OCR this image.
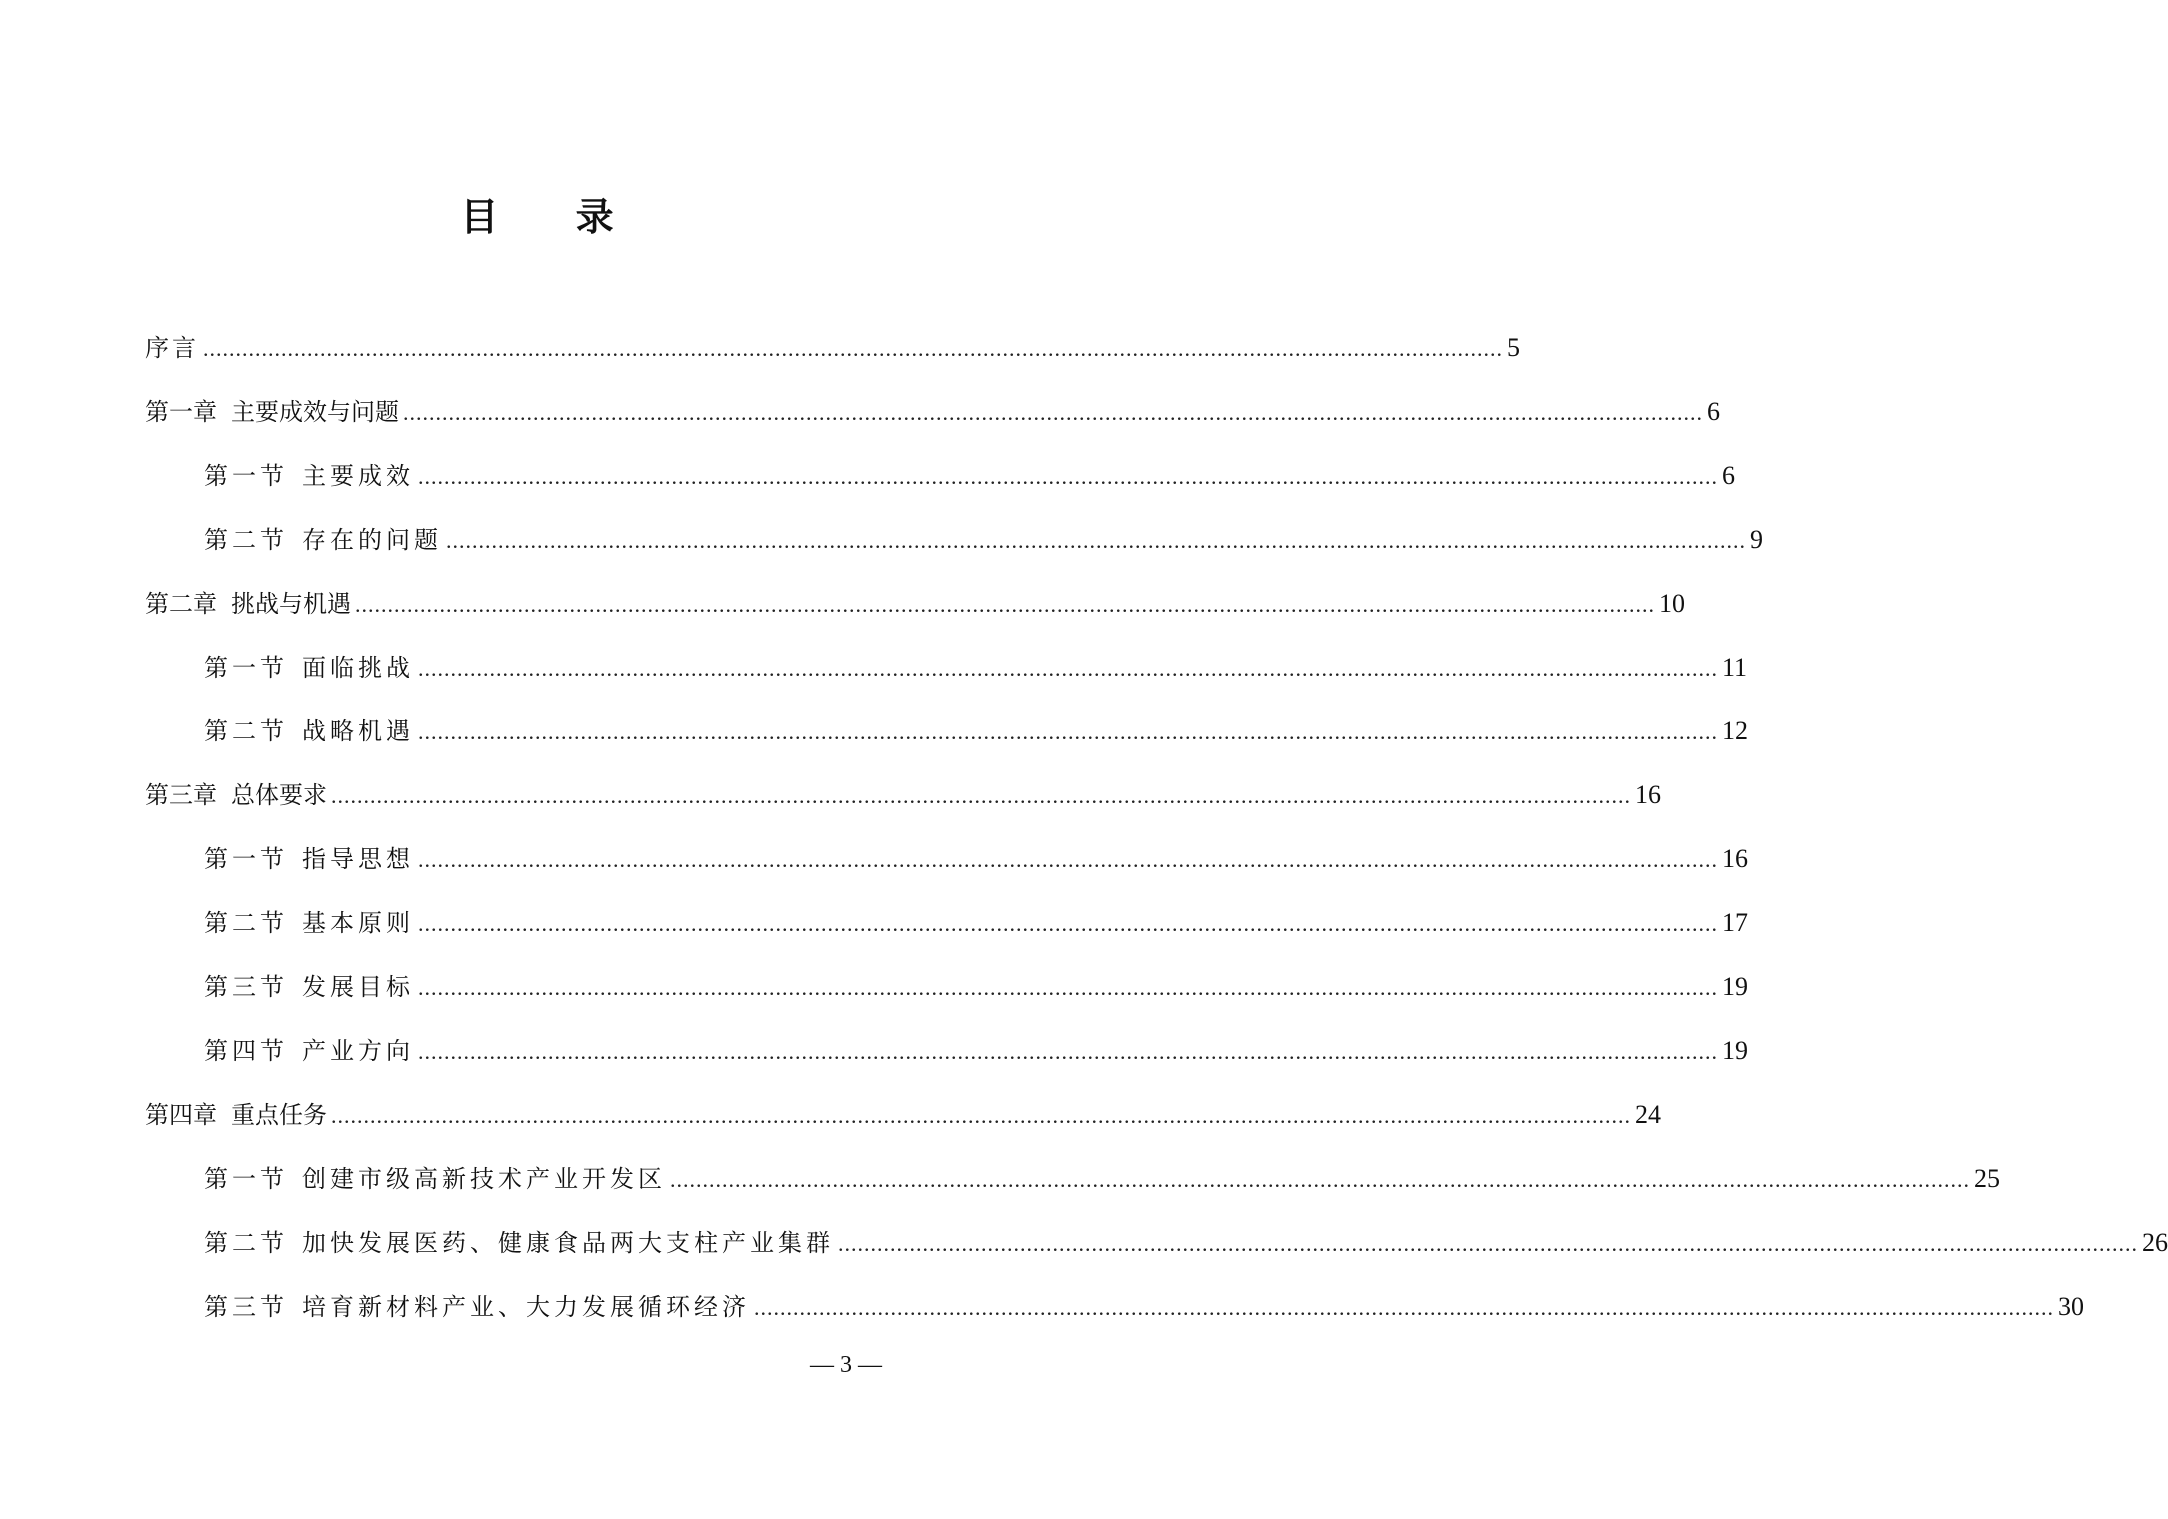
目 录
序言 ........................................................................................................................................................................................................ 5
第一章 主要成效与问题 ........................................................................................................................................................................................................ 6
第一节 主要成效 ........................................................................................................................................................................................................ 6
第二节 存在的问题 ........................................................................................................................................................................................................ 9
第二章 挑战与机遇 ........................................................................................................................................................................................................ 10
第一节 面临挑战 ........................................................................................................................................................................................................ 11
第二节 战略机遇 ........................................................................................................................................................................................................ 12
第三章 总体要求 ........................................................................................................................................................................................................ 16
第一节 指导思想 ........................................................................................................................................................................................................ 16
第二节 基本原则 ........................................................................................................................................................................................................ 17
第三节 发展目标 ........................................................................................................................................................................................................ 19
第四节 产业方向 ........................................................................................................................................................................................................ 19
第四章 重点任务 ........................................................................................................................................................................................................ 24
第一节 创建市级高新技术产业开发区 ........................................................................................................................................................................................................ 25
第二节 加快发展医药、健康食品两大支柱产业集群 ........................................................................................................................................................................................................ 26
第三节 培育新材料产业、大力发展循环经济 ........................................................................................................................................................................................................ 30
— 3 —
